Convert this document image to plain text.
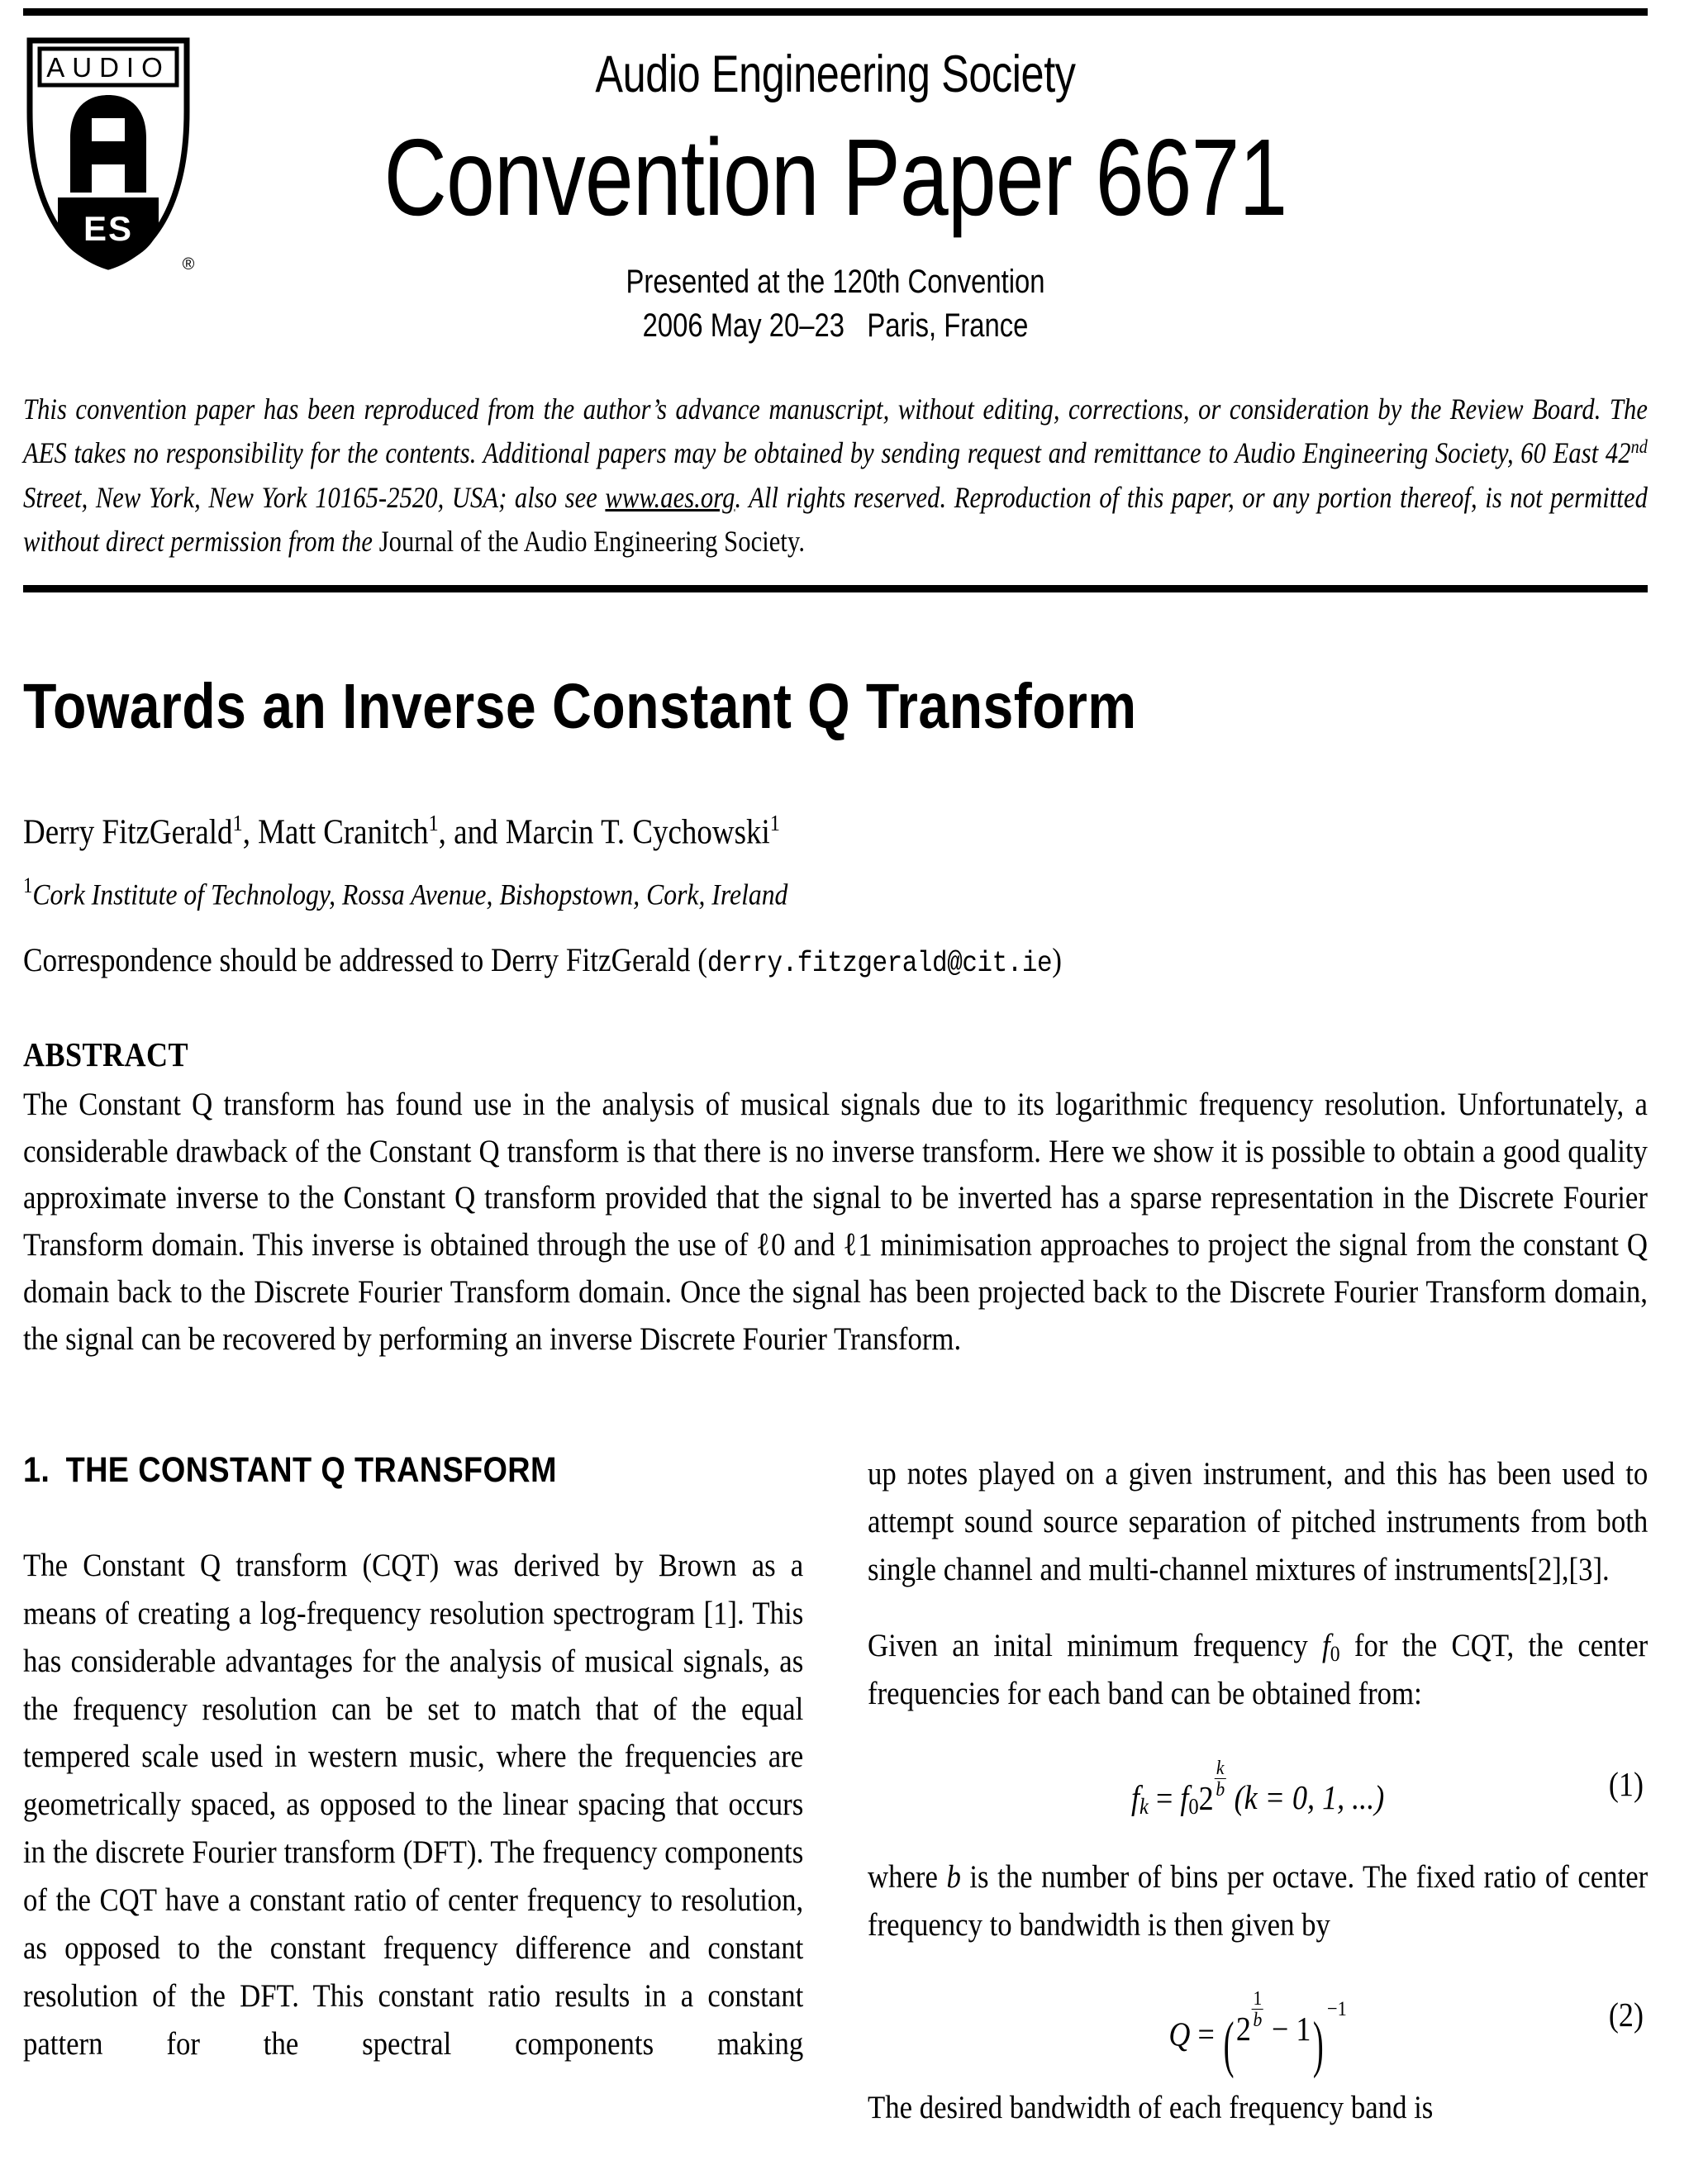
AUDIO
ES
®
Audio Engineering Society
Convention Paper 6671
Presented at the 120th Convention
2006 May 20–23   Paris, France
This convention paper has been reproduced from the author’s advance manuscript, without editing, corrections, or consideration by the Review Board. The AES takes no responsibility for the contents. Additional papers may be obtained by sending request and remittance to Audio Engineering Society, 60 East 42nd Street, New York, New York 10165-2520, USA; also see www.aes.org. All rights reserved. Reproduction of this paper, or any portion thereof, is not permitted without direct permission from the Journal of the Audio Engineering Society.
Towards an Inverse Constant Q Transform
Derry FitzGerald$^1$, Matt Cranitch$^1$, and Marcin T. Cychowski$^1$
$^1$Cork Institute of Technology, Rossa Avenue, Bishopstown, Cork, Ireland
Correspondence should be addressed to Derry FitzGerald (derry.fitzgerald@cit.ie)
ABSTRACT
The Constant Q transform has found use in the analysis of musical signals due to its logarithmic frequency resolution. Unfortunately, a considerable drawback of the Constant Q transform is that there is no inverse transform. Here we show it is possible to obtain a good quality approximate inverse to the Constant Q transform provided that the signal to be inverted has a sparse representation in the Discrete Fourier Transform domain. This inverse is obtained through the use of ℓ0 and ℓ1 minimisation approaches to project the signal from the constant Q domain back to the Discrete Fourier Transform domain. Once the signal has been projected back to the Discrete Fourier Transform domain, the signal can be recovered by performing an inverse Discrete Fourier Transform.
1. THE CONSTANT Q TRANSFORM

The Constant Q transform (CQT) was derived by Brown as a means of creating a log-frequency resolution spectrogram [1]. This has considerable advantages for the analysis of musical signals, as the frequency resolution can be set to match that of the equal tempered scale used in western music, where the frequencies are geometrically spaced, as opposed to the linear spacing that occurs in the discrete Fourier transform (DFT). The frequency components of the CQT have a constant ratio of center frequency to resolution, as opposed to the constant frequency difference and constant resolution of the DFT. This constant ratio results in a constant pattern for the spectral components making

up notes played on a given instrument, and this has been used to attempt sound source separation of pitched instruments from both single channel and multi-channel mixtures of instruments[2],[3].

Given an inital minimum frequency $f_0$ for the CQT, the center frequencies for each band can be obtained from:

fk = $f02 \frac{k}{b} (k = 0$, 1, ...)	(1)

where b is the number of bins per octave. The fixed ratio of center frequency to bandwidth is then given by

$Q = (2 \frac{1}{b} - 1)^{-1}$	(2)

The desired bandwidth of each frequency band is
